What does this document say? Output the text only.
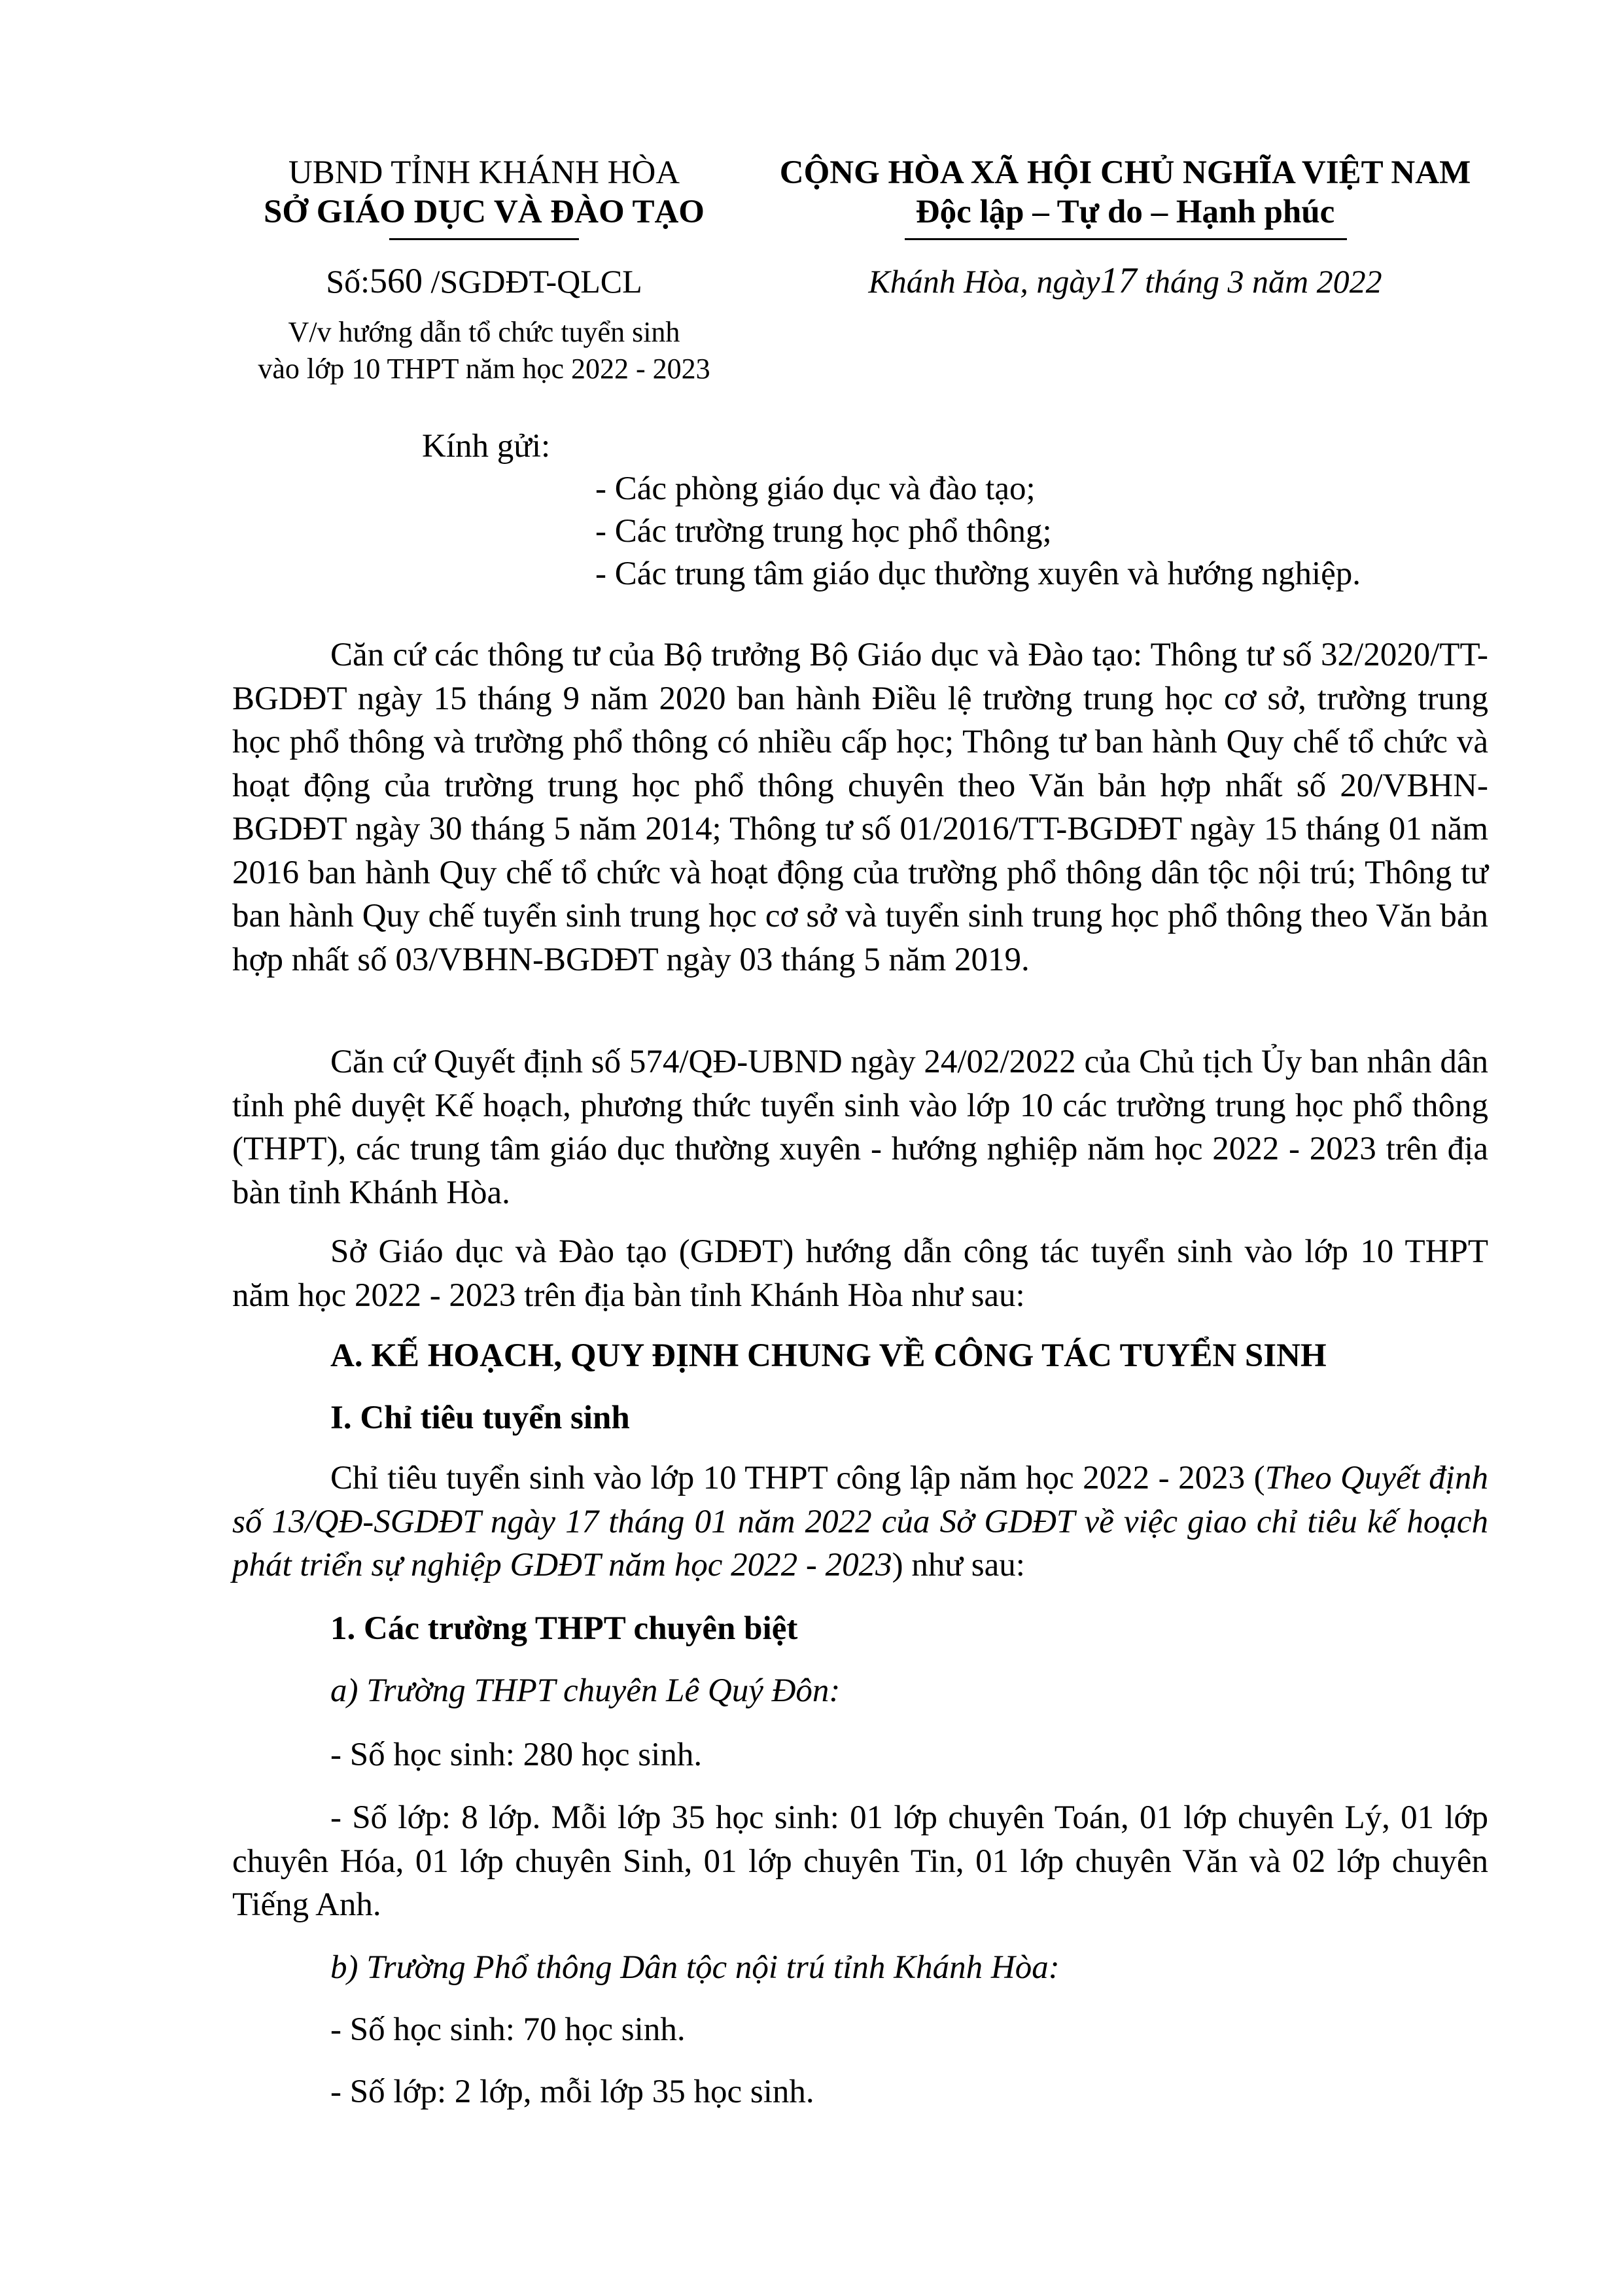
UBND TỈNH KHÁNH HÒA
SỞ GIÁO DỤC VÀ ĐÀO TẠO
CỘNG HÒA XÃ HỘI CHỦ NGHĨA VIỆT NAM
Độc lập – Tự do – Hạnh phúc
Số:560 /SGDĐT-QLCL	Khánh Hòa, ngày17 tháng 3 năm 2022
V/v hướng dẫn tổ chức tuyển sinh
vào lớp 10 THPT năm học 2022 - 2023
Kính gửi:
- Các phòng giáo dục và đào tạo;
- Các trường trung học phổ thông;
- Các trung tâm giáo dục thường xuyên và hướng nghiệp.

Căn cứ các thông tư của Bộ trưởng Bộ Giáo dục và Đào tạo: Thông tư số 32/2020/TT-BGDĐT ngày 15 tháng 9 năm 2020 ban hành Điều lệ trường trung học cơ sở, trường trung học phổ thông và trường phổ thông có nhiều cấp học; Thông tư ban hành Quy chế tổ chức và hoạt động của trường trung học phổ thông chuyên theo Văn bản hợp nhất số 20/VBHN-BGDĐT ngày 30 tháng 5 năm 2014; Thông tư số 01/2016/TT-BGDĐT ngày 15 tháng 01 năm 2016 ban hành Quy chế tổ chức và hoạt động của trường phổ thông dân tộc nội trú; Thông tư ban hành Quy chế tuyển sinh trung học cơ sở và tuyển sinh trung học phổ thông theo Văn bản hợp nhất số 03/VBHN-BGDĐT ngày 03 tháng 5 năm 2019.

Căn cứ Quyết định số 574/QĐ-UBND ngày 24/02/2022 của Chủ tịch Ủy ban nhân dân tỉnh phê duyệt Kế hoạch, phương thức tuyển sinh vào lớp 10 các trường trung học phổ thông (THPT), các trung tâm giáo dục thường xuyên - hướng nghiệp năm học 2022 - 2023 trên địa bàn tỉnh Khánh Hòa.

Sở Giáo dục và Đào tạo (GDĐT) hướng dẫn công tác tuyển sinh vào lớp 10 THPT năm học 2022 - 2023 trên địa bàn tỉnh Khánh Hòa như sau:

A. KẾ HOẠCH, QUY ĐỊNH CHUNG VỀ CÔNG TÁC TUYỂN SINH
I. Chỉ tiêu tuyển sinh

Chỉ tiêu tuyển sinh vào lớp 10 THPT công lập năm học 2022 - 2023 (Theo Quyết định số 13/QĐ-SGDĐT ngày 17 tháng 01 năm 2022 của Sở GDĐT về việc giao chỉ tiêu kế hoạch phát triển sự nghiệp GDĐT năm học 2022 - 2023) như sau:

1. Các trường THPT chuyên biệt
a) Trường THPT chuyên Lê Quý Đôn:
- Số học sinh: 280 học sinh.

- Số lớp: 8 lớp. Mỗi lớp 35 học sinh: 01 lớp chuyên Toán, 01 lớp chuyên Lý, 01 lớp chuyên Hóa, 01 lớp chuyên Sinh, 01 lớp chuyên Tin, 01 lớp chuyên Văn và 02 lớp chuyên Tiếng Anh.

b) Trường Phổ thông Dân tộc nội trú tỉnh Khánh Hòa:
- Số học sinh: 70 học sinh.
- Số lớp: 2 lớp, mỗi lớp 35 học sinh.
